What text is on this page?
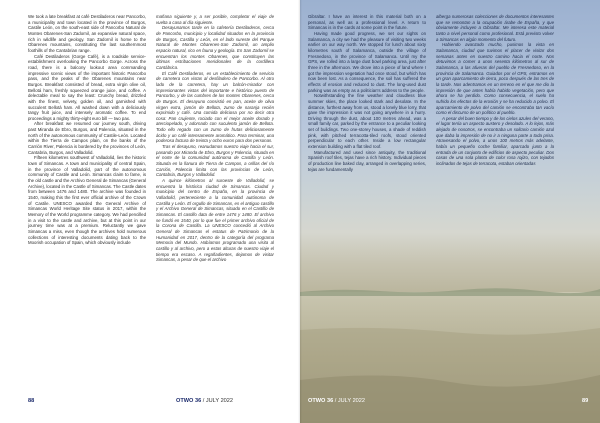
We took a late breakfast at café Destiladeros near Pancorbo, a municipality and town located in the province of Burgos, Castile León, on the south-east side of Pancorbo Natural de Montes Obarenes-San Zadornil, an expansive natural space, rich in wildlife and geology. San Zadornil is home to the Obarenes mountains, constituting the last southernmost foothills of the Cantabrian range.

Café Destiladeros (Gorge Café), is a roadside service-establishment overlooking the Pancorbo Gorge. Across the road, there is a balcony lookout area commanding impressive scenic views of the important historic Pancorbo pass, and the peaks of the Obarenes mountains near Burgos. Breakfast consisted of bread, extra virgin olive oil, Bellotá ham, freshly squeezed orange juice, and coffee. A delectable meal to say the least: Crunchy bread, drizzled with the finest, velvety, golden oil, and garnished with succulent Bellotá ham. All washed down with a deliciously tangy fruit juice, and intensely aromatic coffee. To end proceedings a mighty thirty-eight euro bill — two pax.

After breakfast we resumed our journey south, driving past Miranda de Ebro, Burgos, and Palencia, situated in the north of the autonomous community of Castile-León. Located within the Tierra de Campos plain, on the banks of the Carrión River, Palencia is bordered by the provinces of León, Cantabria, Burgos, and Valladolid.

Fifteen kilometres southwest of Valladolid, lies the historic town of Simancas. A town and municipality of central Spain, in the province of Valladolid, part of the autonomous community of Castile and León. Simancas claim to fame, is the old castle and the Archivo General de Simancas (General Archive), located in the Castle of Simancas. The Castle dates from between 1476 and 1480. The archive was founded in 1540, making this the first ever official archive of the Crown of Castile. UNESCO awarded the General Archive of Simancas World Heritage Site status in 2017, within the Memory of the World programme category. We had pencilled in a visit to the castle and archive, but at this point in our journey time was at a premium. Reluctantly we gave Simancas a miss, even though the archives hold numerous collections of interesting documents dating back to the Moorish occupation of Spain, which obviously include

mañana siguiente y, a ser posible, completar el viaje de vuelta a casa al día siguiente.

Desayunamos tarde en la cafetería Destiladeros, cerca de Pancorbo, municipio y localidad situados en la provincia de Burgos, Castilla y León, en el lado sureste del Parque Natural de Montes Obarenes-San Zadornil, un amplio espacio natural, rico en fauna y geología. En San Zadornil se encuentran los montes Obarenes, que constituyen las últimas estribaciones meridionales de la cordillera Cantábrica.

El Café Destiladeros, es un establecimiento de servicio de carretera con vistas al desfiladero de Pancorbo. Al otro lado de la carretera, hay un balcón-mirador con impresionantes vistas del importante e histórico puerto de Pancorbo, y de las cumbres de los montes Obarenes, cerca de Burgos. El desayuno consistió en pan, aceite de oliva virgen extra, jamón de Bellota, zumo de naranja recién exprimido y café. Una comida deliciosa por no decir otra cosa: Pan crujiente, rociado con el mejor aceite dorado y aterciopelado, y adornado con suculento jamón de Bellota. Todo ello regado con un zumo de frutas deliciosamente ácido y un café intensamente aromático. Para terminar, una poderosa factura de treinta y ocho euros para dos personas.

Tras el desayuno, reanudamos nuestro viaje hacia el sur, pasando por Miranda de Ebro, Burgos y Palencia, situada en el norte de la comunidad autónoma de Castilla y León. Situada en la llanura de Tierra de Campos, a orillas del río Carrión, Palencia limita con las provincias de León, Cantabria, Burgos y Valladolid.

A quince kilómetros al suroeste de Valladolid, se encuentra la histórica ciudad de Simancas. Ciudad y municipio del centro de España, en la provincia de Valladolid, perteneciente a la comunidad autónoma de Castilla y León. El orgullo de Simancas, es el antiguo castillo y el Archivo General de Simancas, situado en el Castillo de Simancas. El castillo data de entre 1476 y 1480. El archivo se fundó en 1540, por lo que fue el primer archivo oficial de la Corona de Castilla. La UNESCO concedió al Archivo General de Simancas el estatus de Patrimonio de la Humanidad en 2017, dentro de la categoría del programa Memoria del Mundo. Habíamos programado una visita al castillo y al archivo, pero a estas alturas de nuestro viaje el tiempo era escaso. A regañadientes, dejamos de visitar Simancas, a pesar de que el archivo

88	OTWO 36 / JULY 2022

Gibraltar. I have an interest in this material both on a personal, as well as a professional level. A return to Simancas is in the cards at some point in the future.

Having made good progress, we set our sights on Salamanca, a city we had the pleasure of visiting two weeks earlier on our way north. We stopped for lunch about sixty kilometres south of Salamanca, outside the village of Fresnedoso, in the province of Salamanca. Until my the GPS, we rolled into a large dust bowl parking area, just after three in the afternoon. We drove into a piece of land where I got the impression vegetation had once stood, but which has now been lost. As a consequence, the soil has suffered the effects of erosion and reduced to dust. The long-used dust parking was as empty as a politician's address to the people.

Notwithstanding the fine weather and cloudless blue summer skies, the place looked stark and desolate. In the distance, furthest away from us, stood a lonely blue lorry, that gave the impression it was not going anywhere in a hurry. Driving through the dust, about 100 metres ahead, was a small family car, parked by the entrance to a peculiar looking set of buildings. Two one-storey houses, a shade of reddish pink, with pitched terracotta-tiled roofs, stood oriented perpendicular to each other. Inside a low rectangular extension building with a flat tiled roof.

Manufactured and used since antiquity, the traditional Spanish roof tiles, tejas have a rich history. Individual pieces of production line baked clay, arranged in overlapping series, tejas are fundamentally

alberga numerosas colecciones de documentos interesantes que se remontan a la ocupación árabe de España, y que obviamente incluyen a Gibraltar. Me interesa este material tanto a nivel personal como profesional. Está previsto volver a Simancas en algún momento del futuro.

Habiendo avanzado mucho, pusimos la vista en Salamanca, ciudad que tuvimos el placer de visitar dos semanas antes en nuestro camino hacia el norte. Nos detuvimos a comer a unos sesenta kilómetros al sur de Salamanca, a las afueras del pueblo de Fresnedoso, en la provincia de Salamanca. Guiados por el GPS, entramos en un gran aparcamiento de tierra, poco después de las tres de la tarde. Nos adentramos en un terreno en el que me dio la impresión de que antes había habido vegetación, pero que ahora se ha perdido. Como consecuencia, el suelo ha sufrido los efectos de la erosión y se ha reducido a polvo. El aparcamiento de polvo del camión se encontraba tan vacío como el discurso de un político al pueblo.

A pesar del buen tiempo y de los cielos azules del verano, el lugar tenía un aspecto austero y desolado. A lo lejos, más alejado de nosotros, se encontraba un solitario camión azul que daba la impresión de no ir a ninguna parte a toda prisa. Atravesando el polvo, a unos 100 metros más adelante, había un pequeño coche familiar, aparcado junto a la entrada de un conjunto de edificios de aspecto peculiar. Dos casas de una sola planta de color rosa rojizo, con tejados inclinados de tejas de terracota, estaban orientadas

OTWO 36 / JULY 2022	89
